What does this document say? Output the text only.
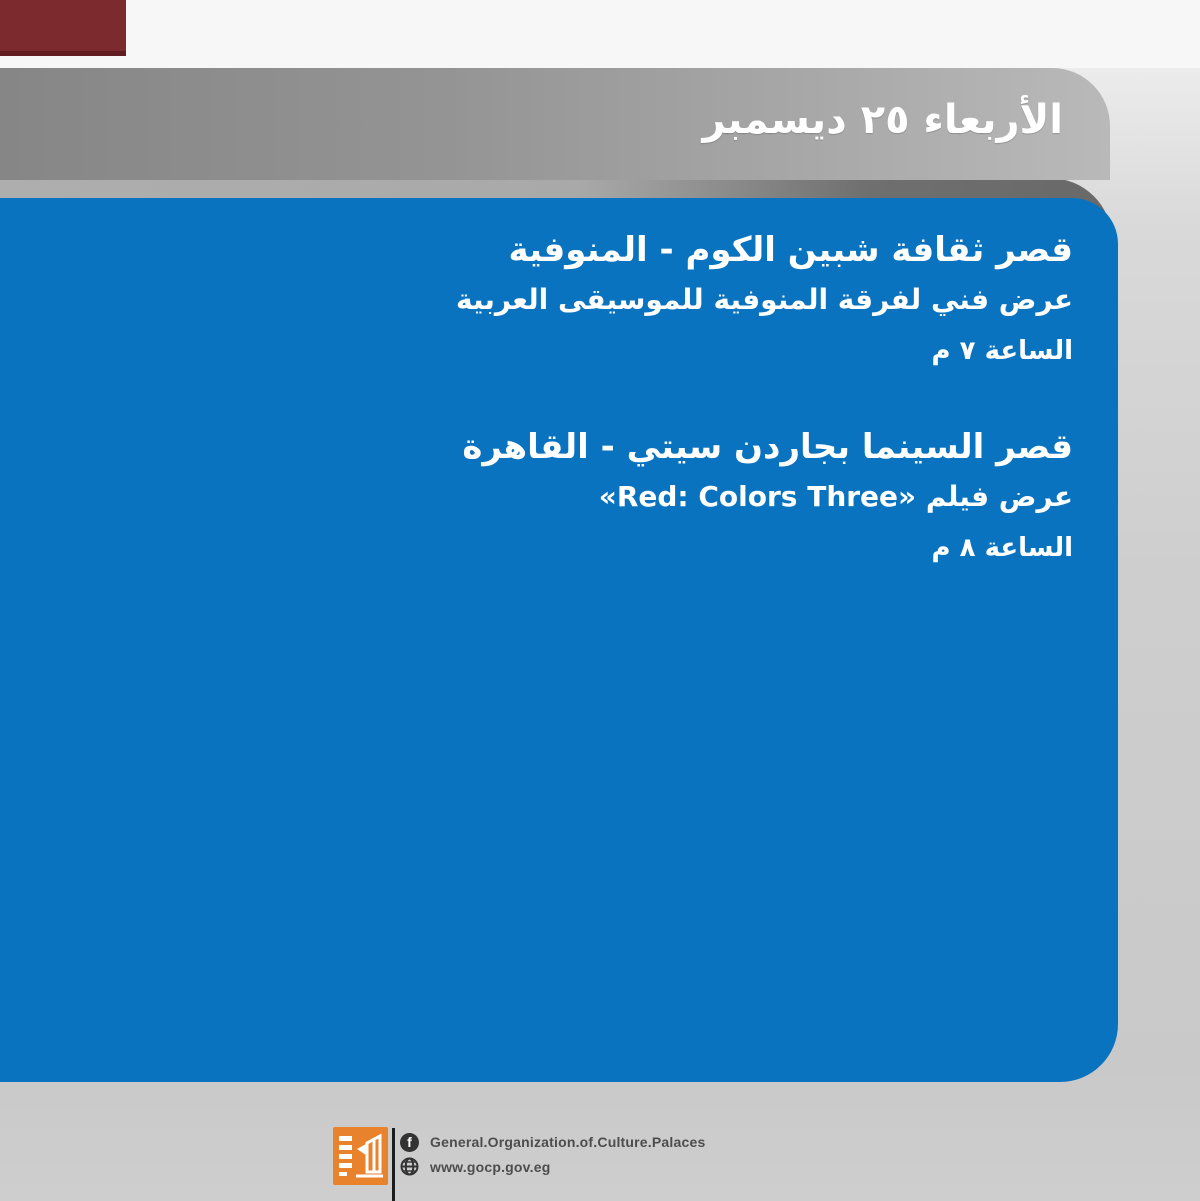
الأربعاء ٢٥ ديسمبر
قصر ثقافة شبين الكوم - المنوفية

عرض فني لفرقة المنوفية للموسيقى العربية

الساعة ٧ م

قصر السينما بجاردن سيتي - القاهرة

عرض فيلم «Red: Colors Three»

الساعة ٨ م

f	General.Organization.of.Culture.Palaces
www.gocp.gov.eg
